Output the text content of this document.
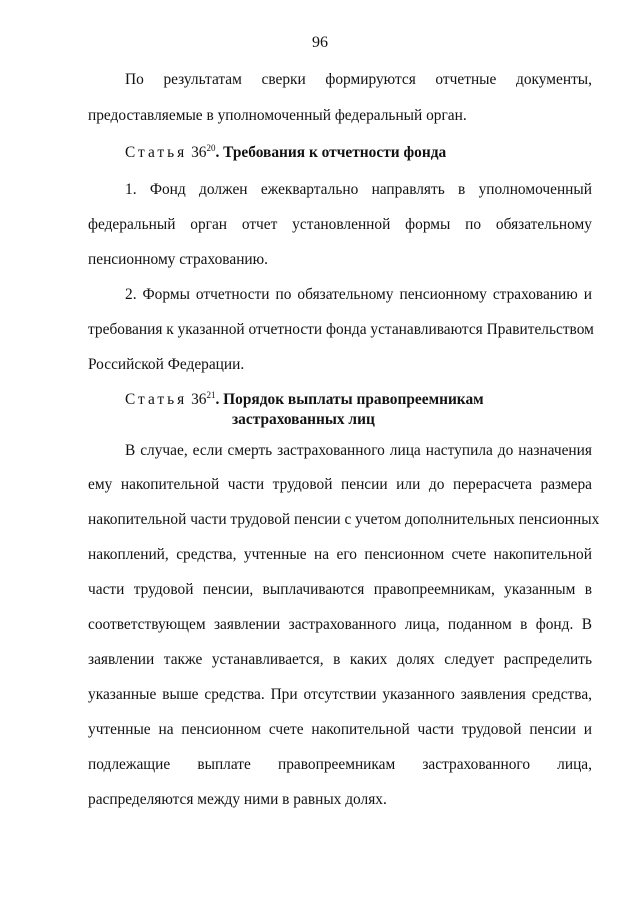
96
По результатам сверки формируются отчетные документы,
предоставляемые в уполномоченный федеральный орган.
Статья $36^{20}$. Требования к отчетности фонда
1. Фонд должен ежеквартально направлять в уполномоченный
федеральный орган отчет установленной формы по обязательному
пенсионному страхованию.
2. Формы отчетности по обязательному пенсионному страхованию и
требования к указанной отчетности фонда устанавливаются Правительством
Российской Федерации.
Статья $36^{21}$. Порядок выплаты правопреемникам
застрахованных лиц
В случае, если смерть застрахованного лица наступила до назначения
ему накопительной части трудовой пенсии или до перерасчета размера
накопительной части трудовой пенсии с учетом дополнительных пенсионных
накоплений, средства, учтенные на его пенсионном счете накопительной
части трудовой пенсии, выплачиваются правопреемникам, указанным в
соответствующем заявлении застрахованного лица, поданном в фонд. В
заявлении также устанавливается, в каких долях следует распределить
указанные выше средства. При отсутствии указанного заявления средства,
учтенные на пенсионном счете накопительной части трудовой пенсии и
подлежащие выплате правопреемникам застрахованного лица,
распределяются между ними в равных долях.
